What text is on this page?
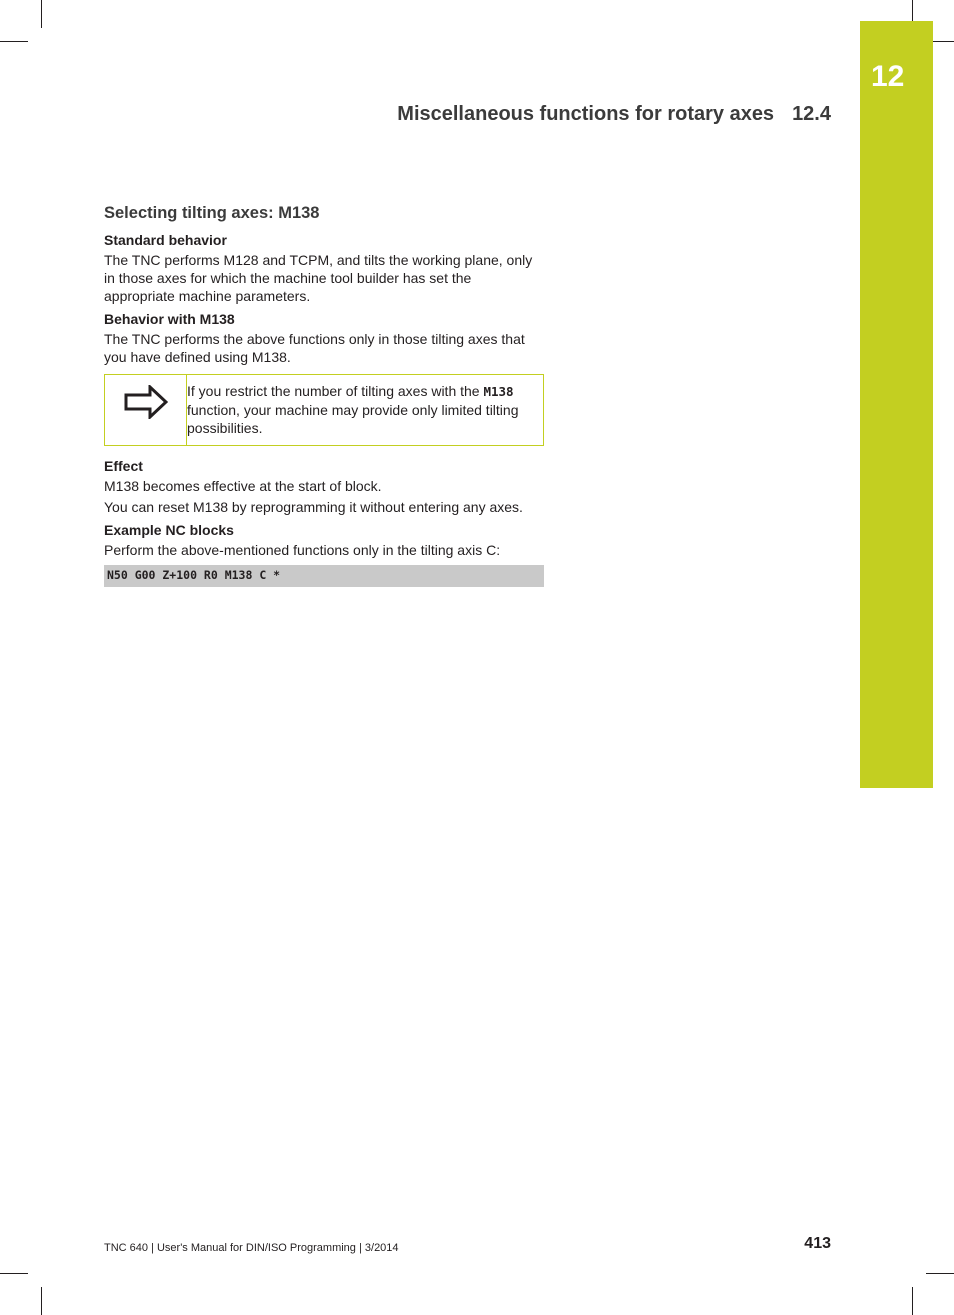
12
Miscellaneous functions for rotary axes 12.4
Selecting tilting axes: M138
Standard behavior

The TNC performs M128 and TCPM, and tilts the working plane, only in those axes for which the machine tool builder has set the appropriate machine parameters.

Behavior with M138

The TNC performs the above functions only in those tilting axes that you have defined using M138.

If you restrict the number of tilting axes with the M138 function, your machine may provide only limited tilting possibilities.
Effect

M138 becomes effective at the start of block.

You can reset M138 by reprogramming it without entering any axes.

Example NC blocks

Perform the above-mentioned functions only in the tilting axis C:

N50 G00 Z+100 R0 M138 C *
TNC 640 | User's Manual for DIN/ISO Programming | 3/2014	413
